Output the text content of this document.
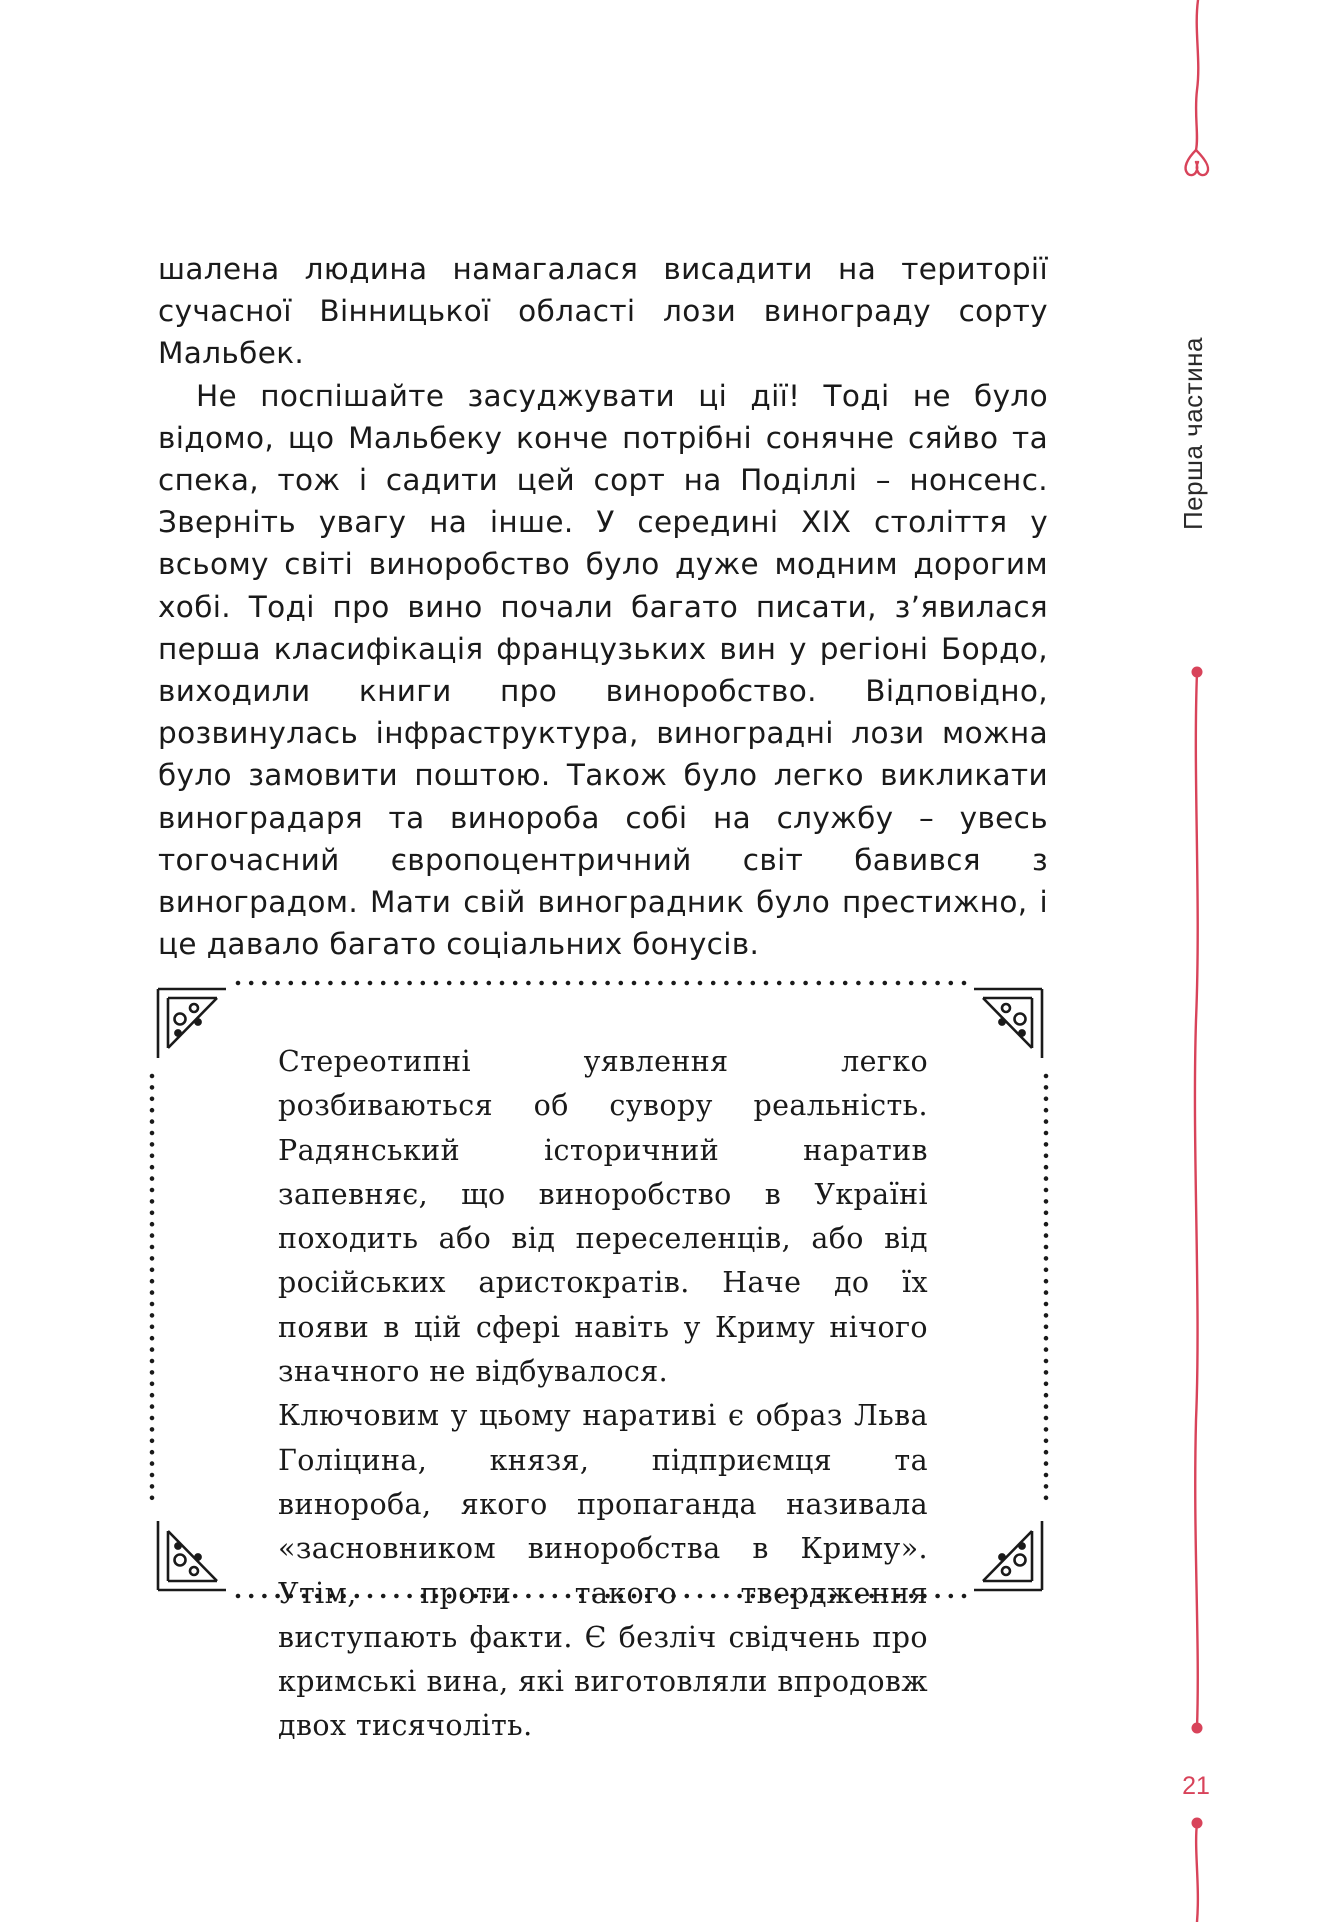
шалена людина намагалася висадити на території сучасної Вінницької області лози винограду сорту Мальбек.

Не поспішайте засуджувати ці дії! Тоді не було відомо, що Мальбеку конче потрібні сонячне сяйво та спека, тож і садити цей сорт на Поділлі – нонсенс. Зверніть увагу на інше. У середині XIX століття у всьому світі виноробство було дуже модним дорогим хобі. Тоді про вино почали багато писати, з’явилася перша класифікація французьких вин у регіоні Бордо, виходили книги про виноробство. Відповідно, розвинулась інфраструктура, виноградні лози можна було замовити поштою. Також було легко викликати виноградаря та винороба собі на службу – увесь тогочасний європоцентричний світ бавився з виноградом. Мати свій виноградник було престижно, і це давало багато соціальних бонусів.

Стереотипні уявлення легко розбиваються об сувору реальність. Радянський історичний наратив запевняє, що виноробство в Україні походить або від переселенців, або від російських аристократів. Наче до їх появи в цій сфері навіть у Криму нічого значного не відбувалося.

Ключовим у цьому наративі є образ Льва Голіцина, князя, підприємця та винороба, якого пропаганда називала «засновником виноробства в Криму». Утім, проти такого твердження виступають факти. Є безліч свідчень про кримські вина, які виготовляли впродовж двох тисячоліть.

Перша частина
21
